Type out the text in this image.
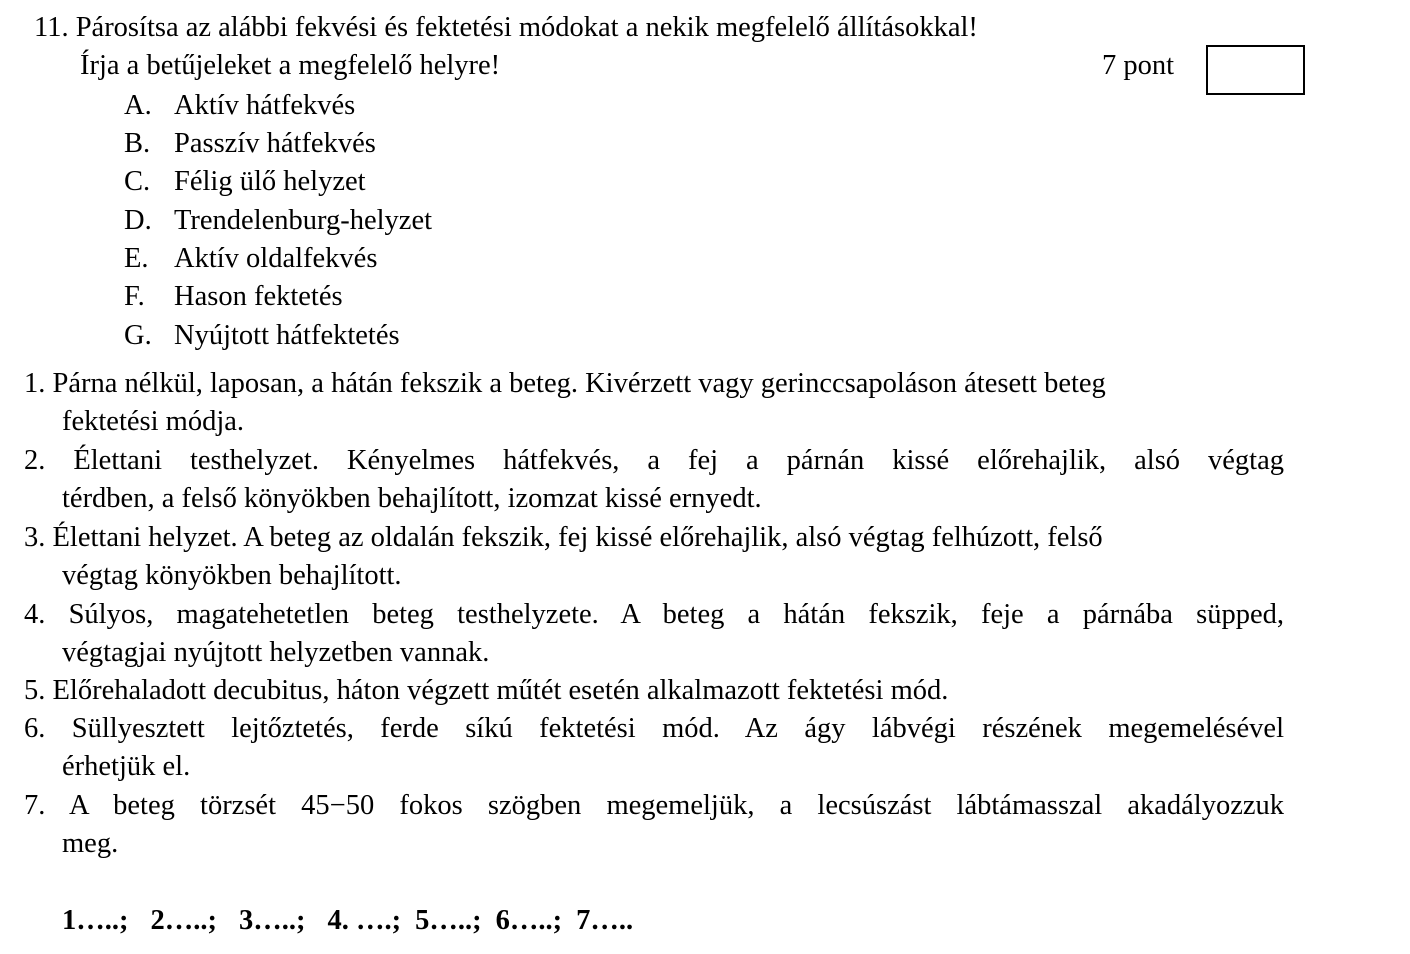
11. Párosítsa az alábbi fekvési és fektetési módokat a nekik megfelelő állításokkal!
Írja a betűjeleket a megfelelő helyre!	7 pont
A. Aktív hátfekvés
B. Passzív hátfekvés
C. Félig ülő helyzet
D. Trendelenburg-helyzet
E. Aktív oldalfekvés
F. Hason fektetés
G. Nyújtott hátfektetés
1. Párna nélkül, laposan, a hátán fekszik a beteg. Kivérzett vagy gerinccsapoláson átesett beteg
fektetési módja.
2. Élettani testhelyzet. Kényelmes hátfekvés, a fej a párnán kissé előrehajlik, alsó végtag
térdben, a felső könyökben behajlított, izomzat kissé ernyedt.
3. Élettani helyzet. A beteg az oldalán fekszik, fej kissé előrehajlik, alsó végtag felhúzott, felső
végtag könyökben behajlított.
4. Súlyos, magatehetetlen beteg testhelyzete. A beteg a hátán fekszik, feje a párnába süpped,
végtagjai nyújtott helyzetben vannak.
5. Előrehaladott decubitus, háton végzett műtét esetén alkalmazott fektetési mód.
6. Süllyesztett lejtőztetés, ferde síkú fektetési mód. Az ágy lábvégi részének megemelésével
érhetjük el.
7. A beteg törzsét 45−50 fokos szögben megemeljük, a lecsúszást lábtámasszal akadályozzuk
meg.
1…..; 2…..; 3…..; 4. ….; 5…..; 6…..; 7…..
